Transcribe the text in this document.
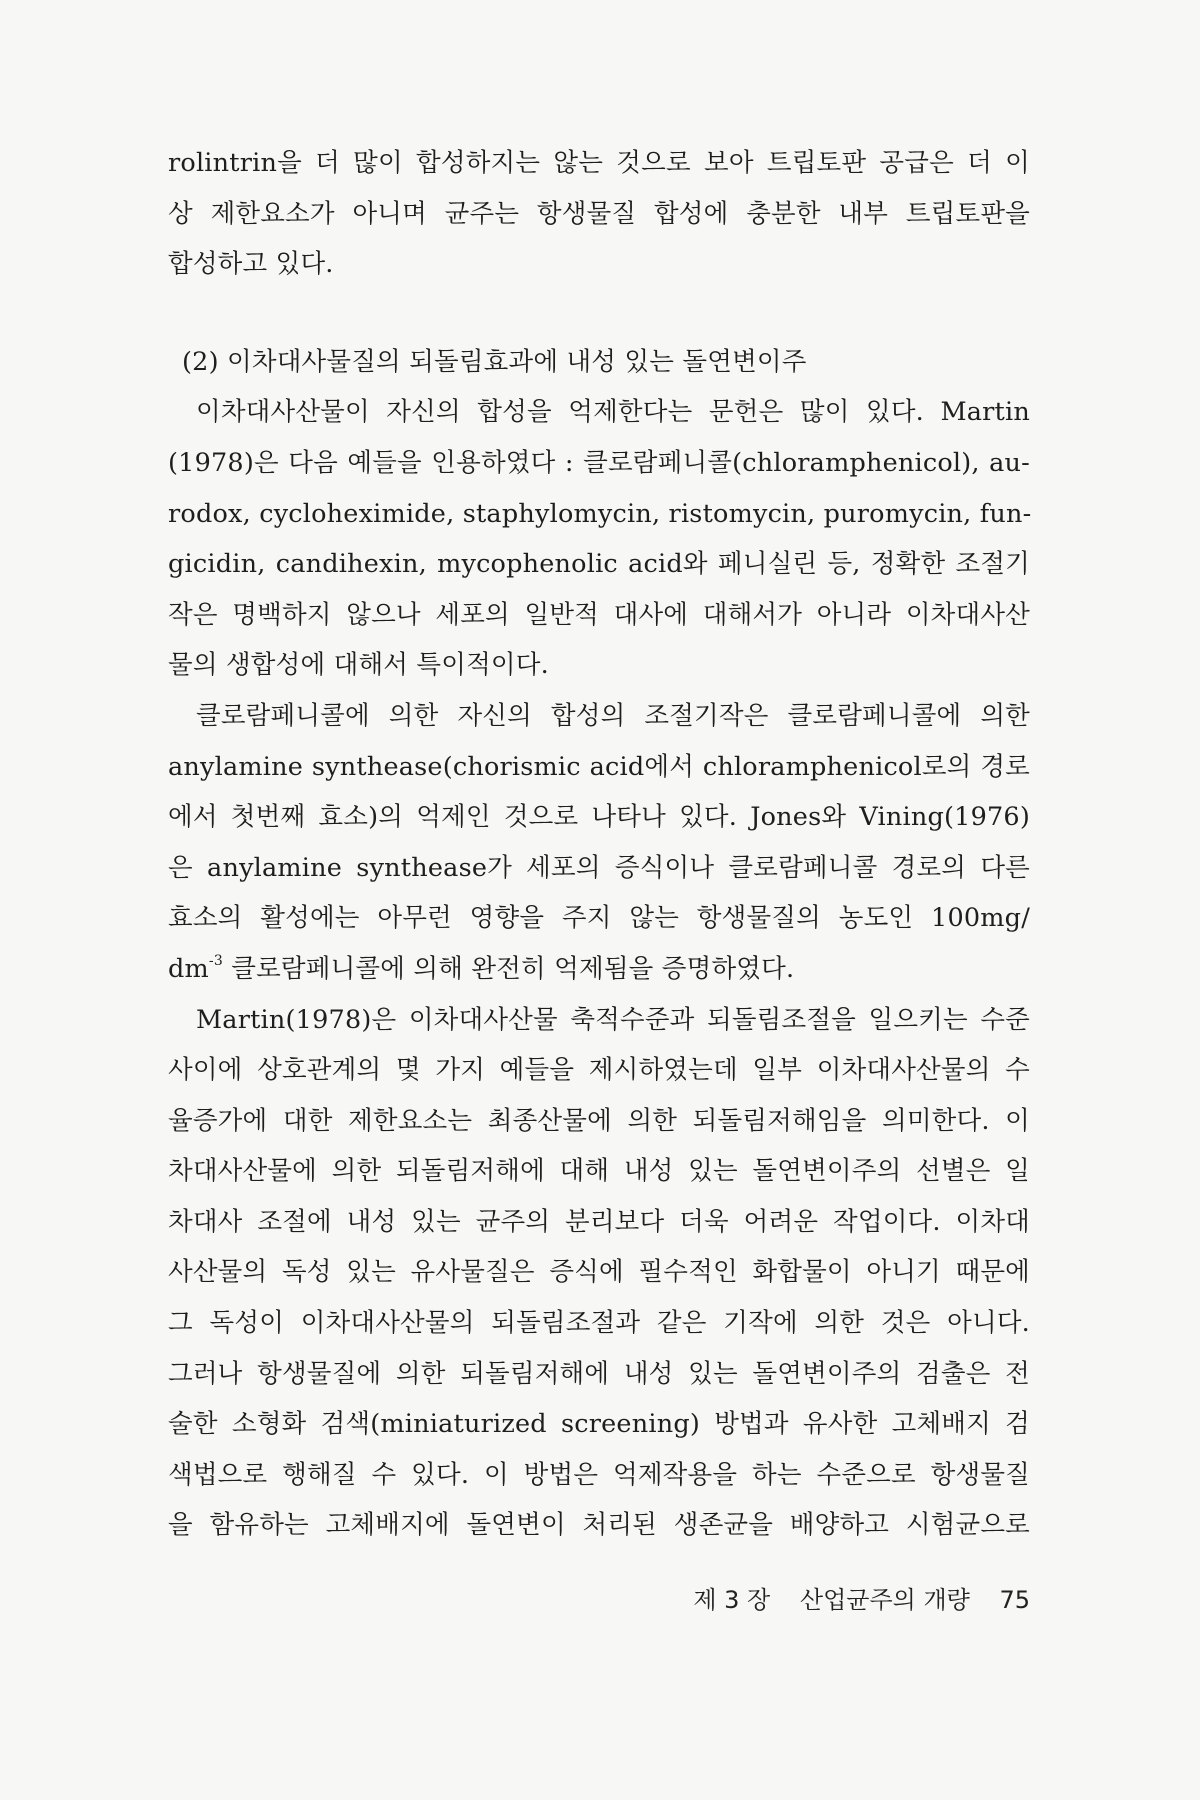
rolintrin을 더 많이 합성하지는 않는 것으로 보아 트립토판 공급은 더 이
상 제한요소가 아니며 균주는 항생물질 합성에 충분한 내부 트립토판을
합성하고 있다.
(2) 이차대사물질의 되돌림효과에 내성 있는 돌연변이주
이차대사산물이 자신의 합성을 억제한다는 문헌은 많이 있다. Martin
(1978)은 다음 예들을 인용하였다 : 클로람페니콜(chloramphenicol), au-
rodox, cycloheximide, staphylomycin, ristomycin, puromycin, fun-
gicidin, candihexin, mycophenolic acid와 페니실린 등, 정확한 조절기
작은 명백하지 않으나 세포의 일반적 대사에 대해서가 아니라 이차대사산
물의 생합성에 대해서 특이적이다.
클로람페니콜에 의한 자신의 합성의 조절기작은 클로람페니콜에 의한
anylamine synthease(chorismic acid에서 chloramphenicol로의 경로
에서 첫번째 효소)의 억제인 것으로 나타나 있다. Jones와 Vining(1976)
은 anylamine synthease가 세포의 증식이나 클로람페니콜 경로의 다른
효소의 활성에는 아무런 영향을 주지 않는 항생물질의 농도인 100mg/
$dm^{-3}$ 클로람페니콜에 의해 완전히 억제됨을 증명하였다.
Martin(1978)은 이차대사산물 축적수준과 되돌림조절을 일으키는 수준
사이에 상호관계의 몇 가지 예들을 제시하였는데 일부 이차대사산물의 수
율증가에 대한 제한요소는 최종산물에 의한 되돌림저해임을 의미한다. 이
차대사산물에 의한 되돌림저해에 대해 내성 있는 돌연변이주의 선별은 일
차대사 조절에 내성 있는 균주의 분리보다 더욱 어려운 작업이다. 이차대
사산물의 독성 있는 유사물질은 증식에 필수적인 화합물이 아니기 때문에
그 독성이 이차대사산물의 되돌림조절과 같은 기작에 의한 것은 아니다.
그러나 항생물질에 의한 되돌림저해에 내성 있는 돌연변이주의 검출은 전
술한 소형화 검색(miniaturized screening) 방법과 유사한 고체배지 검
색법으로 행해질 수 있다. 이 방법은 억제작용을 하는 수준으로 항생물질
을 함유하는 고체배지에 돌연변이 처리된 생존균을 배양하고 시험균으로
제 3 장 산업균주의 개량 75
